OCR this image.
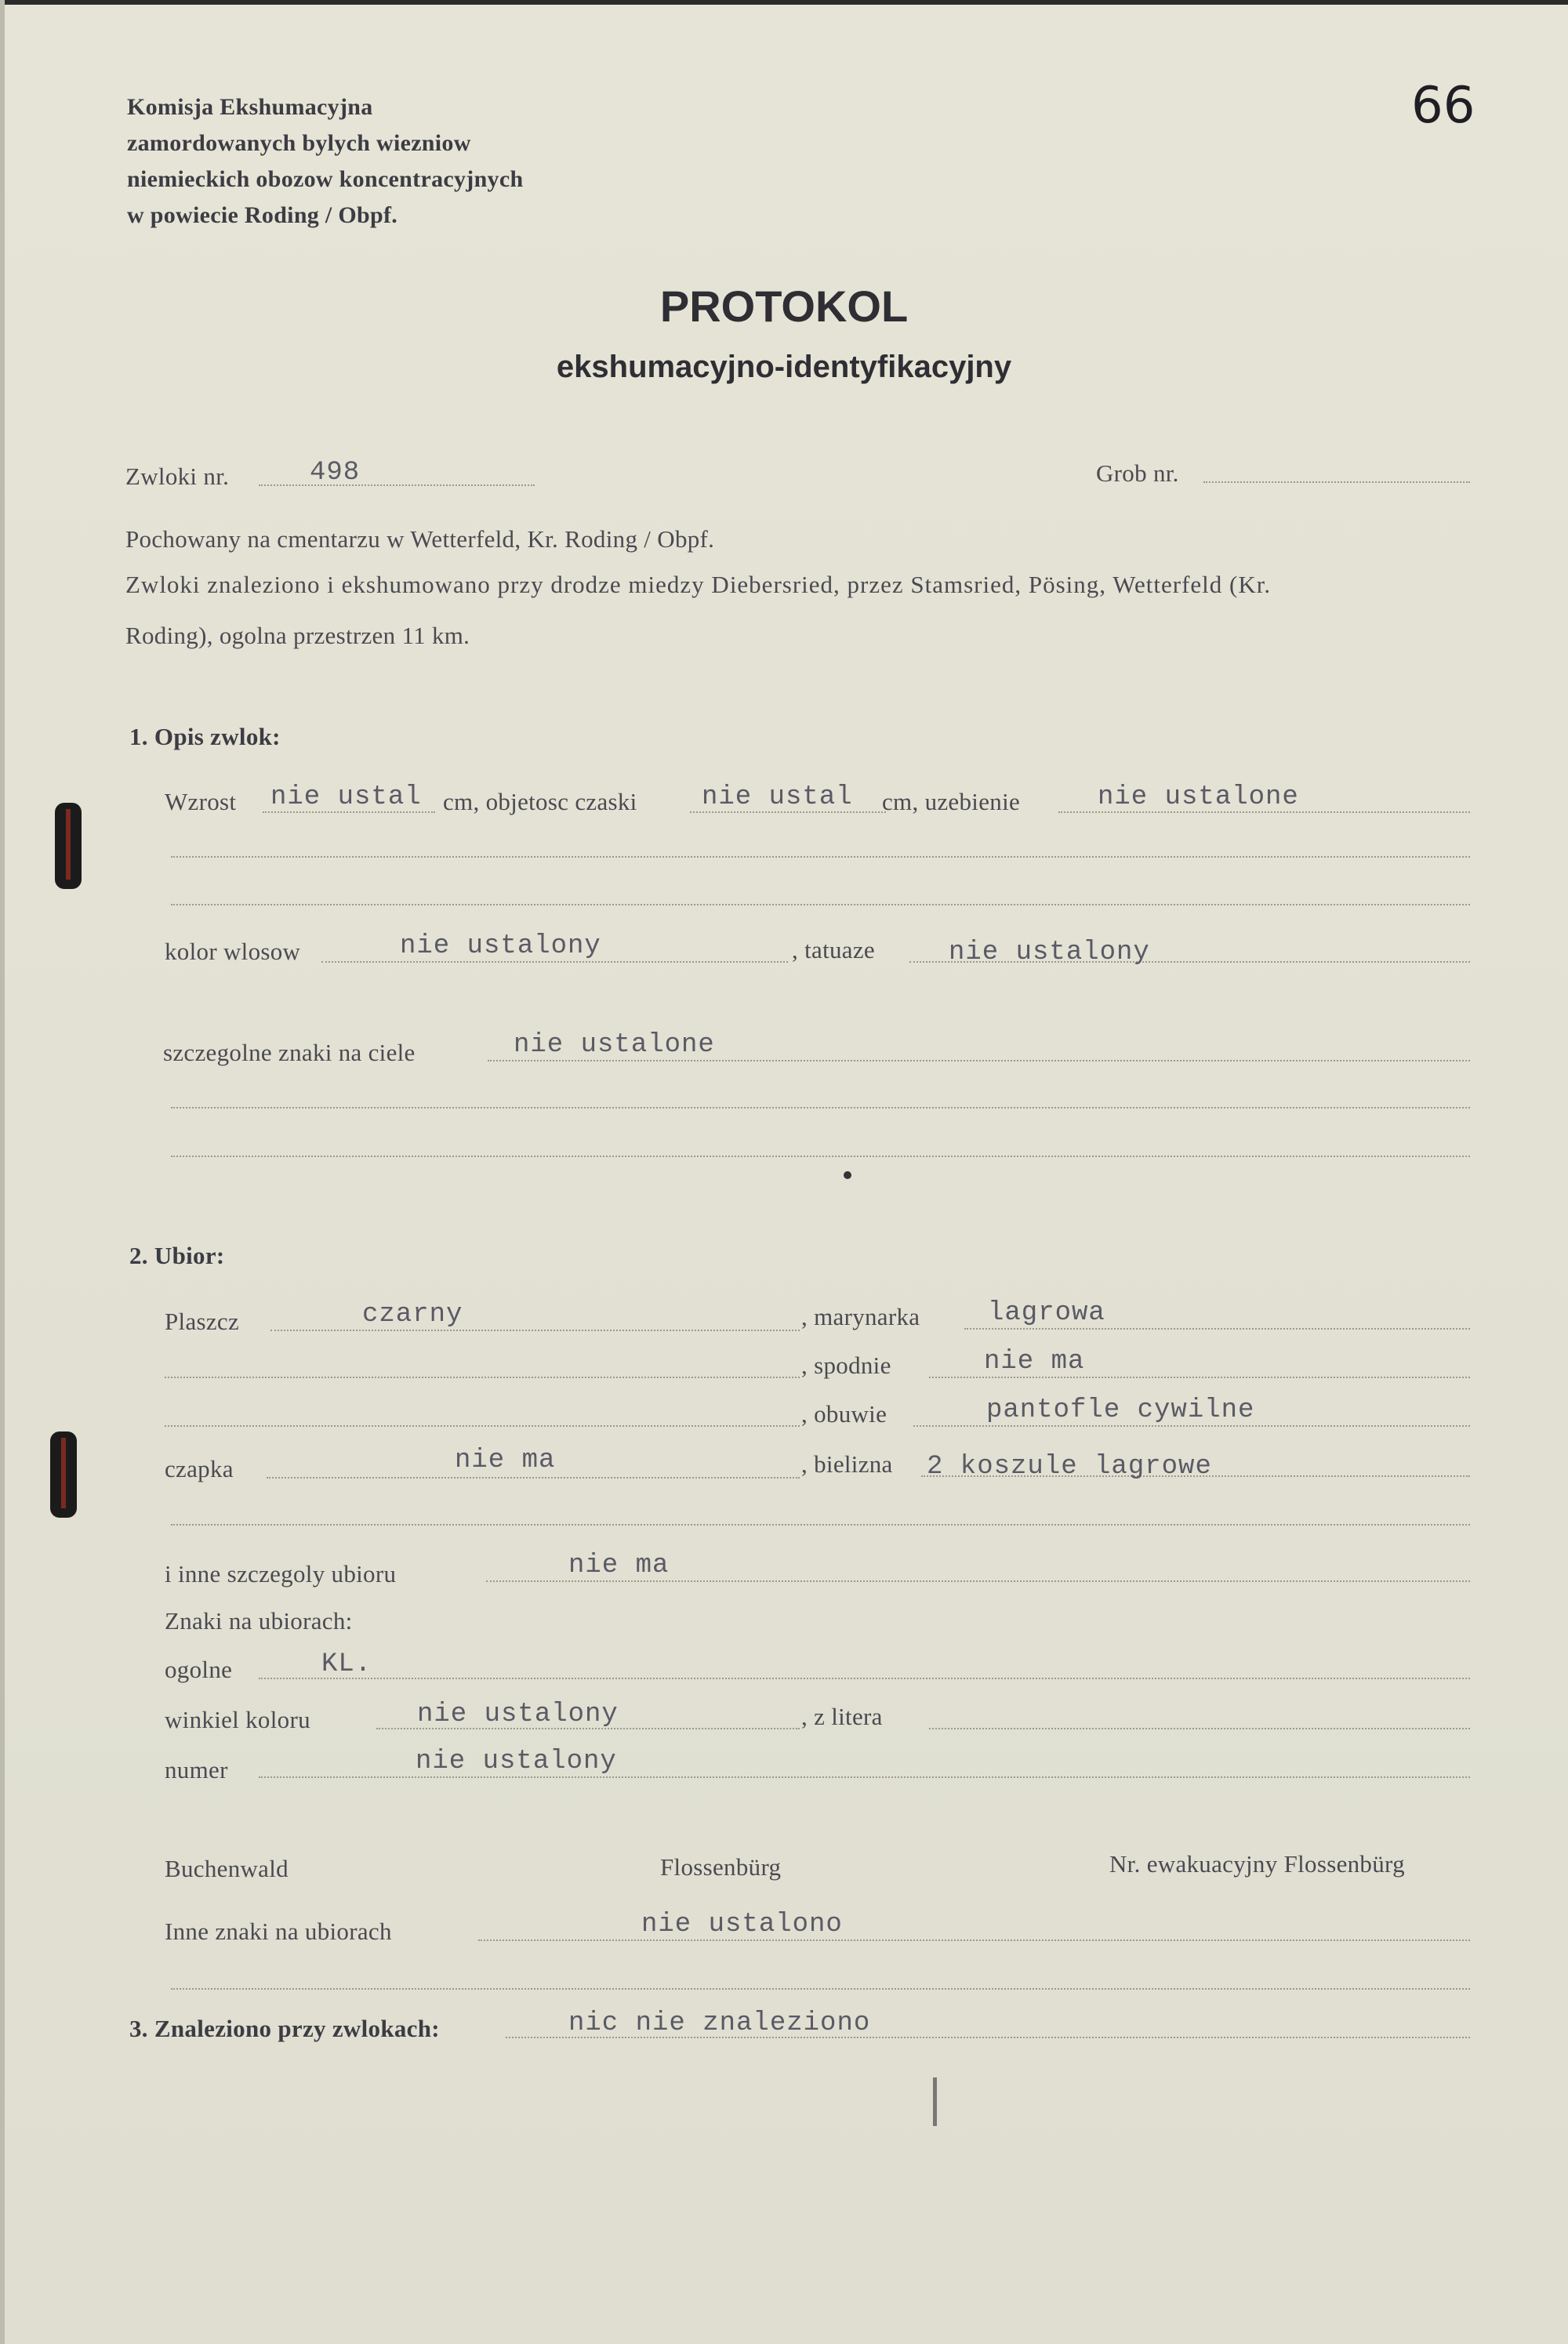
Komisja Ekshumacyjna
zamordowanych bylych wiezniow
niemieckich obozow koncentracyjnych
w powiecie Roding / Obpf.
66
PROTOKOL
ekshumacyjno-identyfikacyjny
Zwloki nr.	498	Grob nr.
Pochowany na cmentarzu w Wetterfeld, Kr. Roding / Obpf.
Zwloki znaleziono i ekshumowano przy drodze miedzy Diebersried, przez Stamsried, Pösing, Wetterfeld (Kr.
Roding), ogolna przestrzen 11 km.
1. Opis zwlok:
Wzrost nie ustal cm, objetosc czaski nie ustal cm, uzebienie	nie ustalone
kolor wlosow	nie ustalony	, tatuaze	nie ustalony
szczegolne znaki na ciele	nie ustalone
2. Ubior:
Plaszcz	czarny	, marynarka	lagrowa
, spodnie	nie ma
, obuwie	pantofle cywilne
czapka	nie ma	, bielizna 2 koszule lagrowe
i inne szczegoly ubioru	nie ma
Znaki na ubiorach:
ogolne	KL.
winkiel koloru	nie ustalony	, z litera
numer	nie ustalony
Buchenwald	Flossenbürg	Nr. ewakuacyjny Flossenbürg
Inne znaki na ubiorach	nie ustalono
3. Znaleziono przy zwlokach:	nic nie znaleziono
